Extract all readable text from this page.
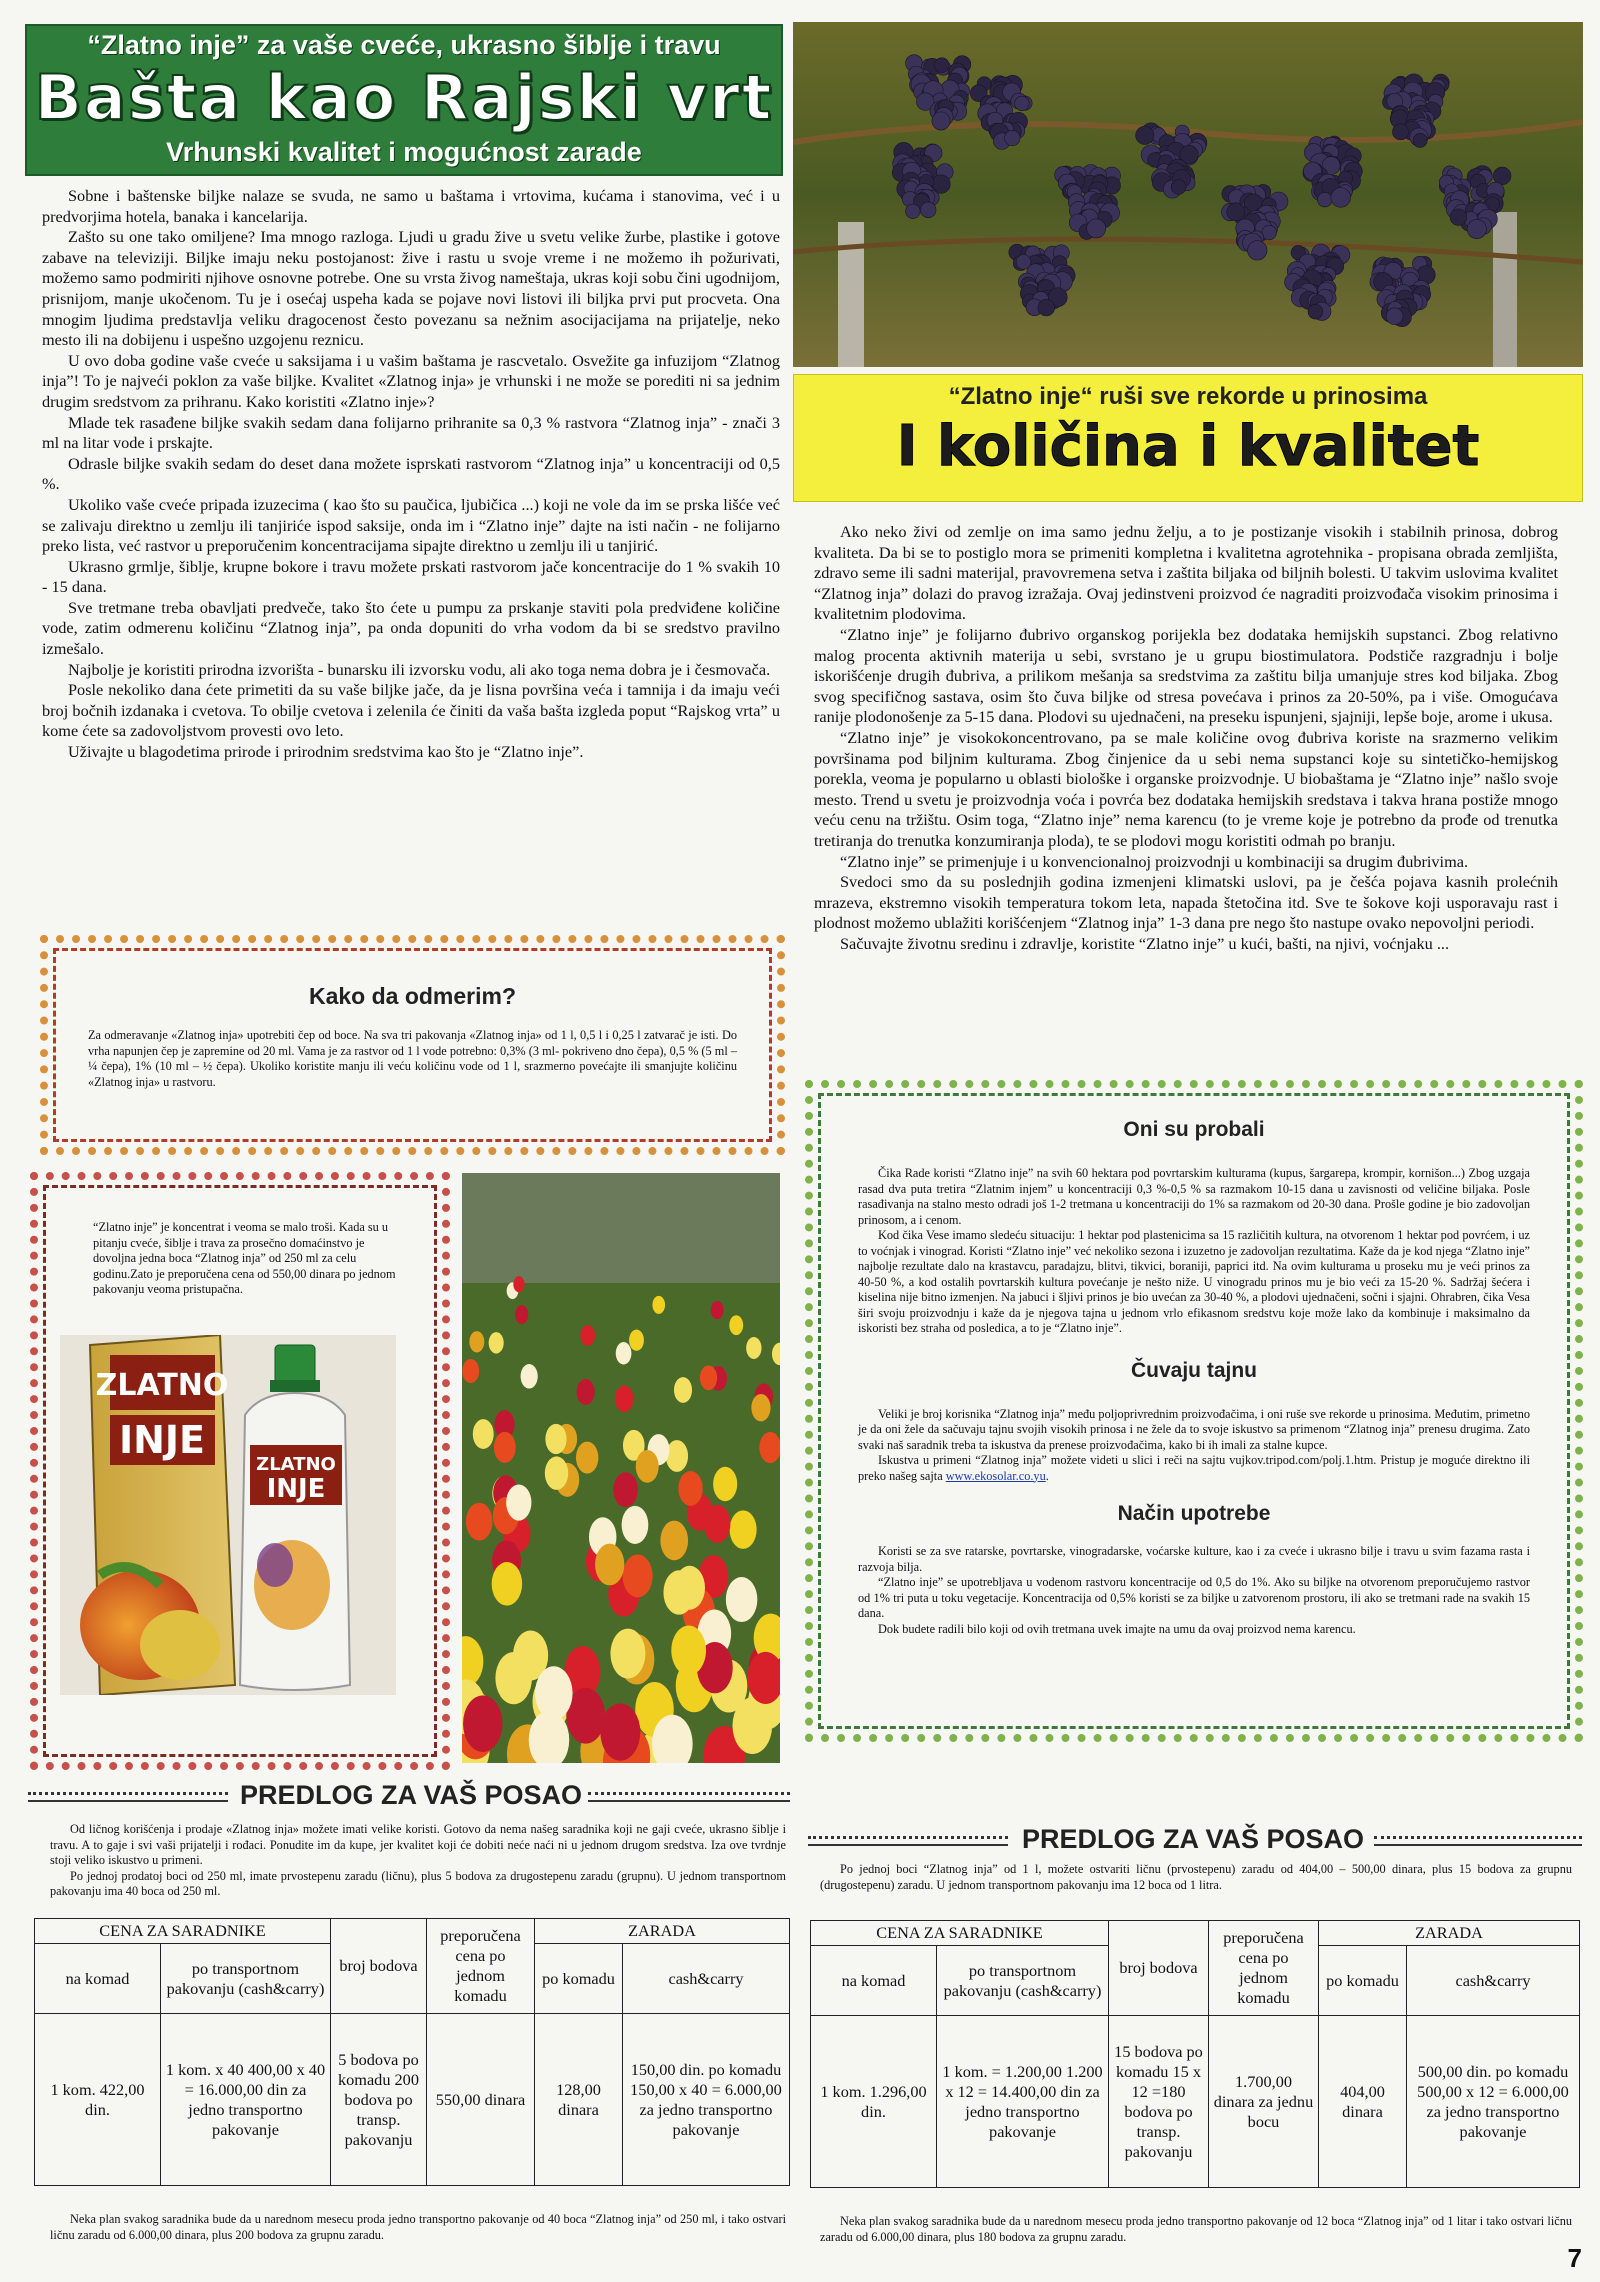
“Zlatno inje” za vaše cveće, ukrasno šiblje i travu
Bašta kao Rajski vrt
Vrhunski kvalitet i mogućnost zarade

Sobne i baštenske biljke nalaze se svuda, ne samo u baštama i vrtovima, kućama i stanovima, već i u predvorjima hotela, banaka i kancelarija.

Zašto su one tako omiljene? Ima mnogo razloga. Ljudi u gradu žive u svetu velike žurbe, plastike i gotove zabave na televiziji. Biljke imaju neku postojanost: žive i rastu u svoje vreme i ne možemo ih požurivati, možemo samo podmiriti njihove osnovne potrebe. One su vrsta živog nameštaja, ukras koji sobu čini ugodnijom, prisnijom, manje ukočenom. Tu je i osećaj uspeha kada se pojave novi listovi ili biljka prvi put procveta. Ona mnogim ljudima predstavlja veliku dragocenost često povezanu sa nežnim asocijacijama na prijatelje, neko mesto ili na dobijenu i uspešno uzgojenu reznicu.

U ovo doba godine vaše cveće u saksijama i u vašim baštama je rascvetalo. Osvežite ga infuzijom “Zlatnog inja”! To je najveći poklon za vaše biljke. Kvalitet «Zlatnog inja» je vrhunski i ne može se porediti ni sa jednim drugim sredstvom za prihranu. Kako koristiti «Zlatno inje»?

Mlade tek rasađene biljke svakih sedam dana folijarno prihranite sa 0,3 % rastvora “Zlatnog inja” - znači 3 ml na litar vode i prskajte.

Odrasle biljke svakih sedam do deset dana možete isprskati rastvorom “Zlatnog inja” u koncentraciji od 0,5 %.

Ukoliko vaše cveće pripada izuzecima ( kao što su paučica, ljubičica ...) koji ne vole da im se prska lišće već se zalivaju direktno u zemlju ili tanjiriće ispod saksije, onda im i “Zlatno inje” dajte na isti način - ne folijarno preko lista, već rastvor u preporučenim koncentracijama sipajte direktno u zemlju ili u tanjirić.

Ukrasno grmlje, šiblje, krupne bokore i travu možete prskati rastvorom jače koncentracije do 1 % svakih 10 - 15 dana.

Sve tretmane treba obavljati predveče, tako što ćete u pumpu za prskanje staviti pola predviđene količine vode, zatim odmerenu količinu “Zlatnog inja”, pa onda dopuniti do vrha vodom da bi se sredstvo pravilno izmešalo.

Najbolje je koristiti prirodna izvorišta - bunarsku ili izvorsku vodu, ali ako toga nema dobra je i česmovača.

Posle nekoliko dana ćete primetiti da su vaše biljke jače, da je lisna površina veća i tamnija i da imaju veći broj bočnih izdanaka i cvetova. To obilje cvetova i zelenila će činiti da vaša bašta izgleda poput “Rajskog vrta” u kome ćete sa zadovoljstvom provesti ovo leto.

Uživajte u blagodetima prirode i prirodnim sredstvima kao što je “Zlatno inje”.

Kako da odmerim?
Za odmeravanje «Zlatnog inja» upotrebiti čep od boce. Na sva tri pakovanja «Zlatnog inja» od 1 l, 0,5 l i 0,25 l zatvarač je isti. Do vrha napunjen čep je zapremine od 20 ml. Vama je za rastvor od 1 l vode potrebno: 0,3% (3 ml- pokriveno dno čepa), 0,5 % (5 ml – ¼ čepa), 1% (10 ml – ½ čepa). Ukoliko koristite manju ili veću količinu vode od 1 l, srazmerno povećajte ili smanjujte količinu «Zlatnog inja» u rastvoru.
“Zlatno inje” je koncentrat i veoma se malo troši. Kada su u pitanju cveće, šiblje i trava za prosečno domaćinstvo je dovoljna jedna boca “Zlatnog inja” od 250 ml za celu godinu.Zato je preporučena cena od 550,00 dinara po jednom pakovanju veoma pristupačna.
ZLATNO
INJE
ZLATNO
INJE
“Zlatno inje“ ruši sve rekorde u prinosima
I količina i kvalitet

Ako neko živi od zemlje on ima samo jednu želju, a to je postizanje visokih i stabilnih prinosa, dobrog kvaliteta. Da bi se to postiglo mora se primeniti kompletna i kvalitetna agrotehnika - propisana obrada zemljišta, zdravo seme ili sadni materijal, pravovremena setva i zaštita biljaka od biljnih bolesti. U takvim uslovima kvalitet “Zlatnog inja” dolazi do pravog izražaja. Ovaj jedinstveni proizvod će nagraditi proizvođača visokim prinosima i kvalitetnim plodovima.

“Zlatno inje” je folijarno đubrivo organskog porijekla bez dodataka hemijskih supstanci. Zbog relativno malog procenta aktivnih materija u sebi, svrstano je u grupu biostimulatora. Podstiče razgradnju i bolje iskorišćenje drugih đubriva, a prilikom mešanja sa sredstvima za zaštitu bilja umanjuje stres kod biljaka. Zbog svog specifičnog sastava, osim što čuva biljke od stresa povećava i prinos za 20-50%, pa i više. Omogućava ranije plodonošenje za 5-15 dana. Plodovi su ujednačeni, na preseku ispunjeni, sjajniji, lepše boje, arome i ukusa.

“Zlatno inje” je visokokoncentrovano, pa se male količine ovog đubriva koriste na srazmerno velikim površinama pod biljnim kulturama. Zbog činjenice da u sebi nema supstanci koje su sintetičko-hemijskog porekla, veoma je popularno u oblasti biološke i organske proizvodnje. U biobaštama je “Zlatno inje” našlo svoje mesto. Trend u svetu je proizvodnja voća i povrća bez dodataka hemijskih sredstava i takva hrana postiže mnogo veću cenu na tržištu. Osim toga, “Zlatno inje” nema karencu (to je vreme koje je potrebno da prođe od trenutka tretiranja do trenutka konzumiranja ploda), te se plodovi mogu koristiti odmah po branju.

“Zlatno inje” se primenjuje i u konvencionalnoj proizvodnji u kombinaciji sa drugim đubrivima.

Svedoci smo da su poslednjih godina izmenjeni klimatski uslovi, pa je češća pojava kasnih prolećnih mrazeva, ekstremno visokih temperatura tokom leta, napada štetočina itd. Sve te šokove koji usporavaju rast i plodnost možemo ublažiti korišćenjem “Zlatnog inja” 1-3 dana pre nego što nastupe ovako nepovoljni periodi.

Sačuvajte životnu sredinu i zdravlje, koristite “Zlatno inje” u kući, bašti, na njivi, voćnjaku ...

Oni su probali

Čika Rade koristi “Zlatno inje” na svih 60 hektara pod povrtarskim kulturama (kupus, šargarepa, krompir, kornišon...) Zbog uzgaja rasad dva puta tretira “Zlatnim injem” u koncentraciji 0,3 %-0,5 % sa razmakom 10-15 dana u zavisnosti od veličine biljaka. Posle rasađivanja na stalno mesto odradi još 1-2 tretmana u koncentraciji do 1% sa razmakom od 20-30 dana. Prošle godine je bio zadovoljan prinosom, a i cenom.

Kod čika Vese imamo sledeću situaciju: 1 hektar pod plastenicima sa 15 različitih kultura, na otvorenom 1 hektar pod povrćem, i uz to voćnjak i vinograd. Koristi “Zlatno inje” već nekoliko sezona i izuzetno je zadovoljan rezultatima. Kaže da je kod njega “Zlatno inje” najbolje rezultate dalo na krastavcu, paradajzu, blitvi, tikvici, boraniji, paprici itd. Na ovim kulturama u proseku mu je veći prinos za 40-50 %, a kod ostalih povrtarskih kultura povećanje je nešto niže. U vinogradu prinos mu je bio veći za 15-20 %. Sadržaj šećera i kiselina nije bitno izmenjen. Na jabuci i šljivi prinos je bio uvećan za 30-40 %, a plodovi ujednačeni, sočni i sjajni. Ohrabren, čika Vesa širi svoju proizvodnju i kaže da je njegova tajna u jednom vrlo efikasnom sredstvu koje može lako da kombinuje i maksimalno da iskoristi bez straha od posledica, a to je “Zlatno inje”.

Čuvaju tajnu

Veliki je broj korisnika “Zlatnog inja” među poljoprivrednim proizvođačima, i oni ruše sve rekorde u prinosima. Međutim, primetno je da oni žele da sačuvaju tajnu svojih visokih prinosa i ne žele da to svoje iskustvo sa primenom “Zlatnog inja” prenesu drugima. Zato svaki naš saradnik treba ta iskustva da prenese proizvođačima, kako bi ih imali za stalne kupce.

Iskustva u primeni “Zlatnog inja” možete videti u slici i reči na sajtu vujkov.tripod.com/polj.1.htm. Pristup je moguće direktno ili preko našeg sajta www.ekosolar.co.yu.

Način upotrebe

Koristi se za sve ratarske, povrtarske, vinogradarske, voćarske kulture, kao i za cveće i ukrasno bilje i travu u svim fazama rasta i razvoja bilja.

“Zlatno inje” se upotrebljava u vodenom rastvoru koncentracije od 0,5 do 1%. Ako su biljke na otvorenom preporučujemo rastvor od 1% tri puta u toku vegetacije. Koncentracija od 0,5% koristi se za biljke u zatvorenom prostoru, ili ako se tretmani rade na svakih 15 dana.

Dok budete radili bilo koji od ovih tretmana uvek imajte na umu da ovaj proizvod nema karencu.

PREDLOG ZA VAŠ POSAO

Od ličnog korišćenja i prodaje «Zlatnog inja» možete imati velike koristi. Gotovo da nema našeg saradnika koji ne gaji cveće, ukrasno šiblje i travu. A to gaje i svi vaši prijatelji i rođaci. Ponudite im da kupe, jer kvalitet koji će dobiti neće naći ni u jednom drugom sredstva. Iza ove tvrdnje stoji veliko iskustvo u primeni.

Po jednoj prodatoj boci od 250 ml, imate prvostepenu zaradu (ličnu), plus 5 bodova za drugostepenu zaradu (grupnu). U jednom transportnom pakovanju ima 40 boca od 250 ml.

CENA ZA SARADNIKE		broj bodova	preporučena cena po jednom komadu	ZARADA	
na komad	po transportnom pakovanju (cash&carry)			po komadu	cash&carry
1 kom. 422,00 din.	1 kom. x 40 400,00 x 40 = 16.000,00 din za jedno transportno pakovanje	5 bodova po komadu 200 bodova po transp. pakovanju	550,00 dinara	128,00 dinara	150,00 din. po komadu 150,00 x 40 = 6.000,00 za jedno transportno pakovanje

Neka plan svakog saradnika bude da u narednom mesecu proda jedno transportno pakovanje od 40 boca “Zlatnog inja” od 250 ml, i tako ostvari ličnu zaradu od 6.000,00 dinara, plus 200 bodova za grupnu zaradu.

PREDLOG ZA VAŠ POSAO

Po jednoj boci “Zlatnog inja” od 1 l, možete ostvariti ličnu (prvostepenu) zaradu od 404,00 – 500,00 dinara, plus 15 bodova za grupnu (drugostepenu) zaradu. U jednom transportnom pakovanju ima 12 boca od 1 litra.

CENA ZA SARADNIKE		broj bodova	preporučena cena po jednom komadu	ZARADA	
na komad	po transportnom pakovanju (cash&carry)			po komadu	cash&carry
1 kom. 1.296,00 din.	1 kom. = 1.200,00 1.200 x 12 = 14.400,00 din za jedno transportno pakovanje	15 bodova po komadu 15 x 12 =180 bodova po transp. pakovanju	1.700,00 dinara za jednu bocu	404,00 dinara	500,00 din. po komadu 500,00 x 12 = 6.000,00 za jedno transportno pakovanje

Neka plan svakog saradnika bude da u narednom mesecu proda jedno transportno pakovanje od 12 boca “Zlatnog inja” od 1 litar i tako ostvari ličnu zaradu od 6.000,00 dinara, plus 180 bodova za grupnu zaradu.

7
